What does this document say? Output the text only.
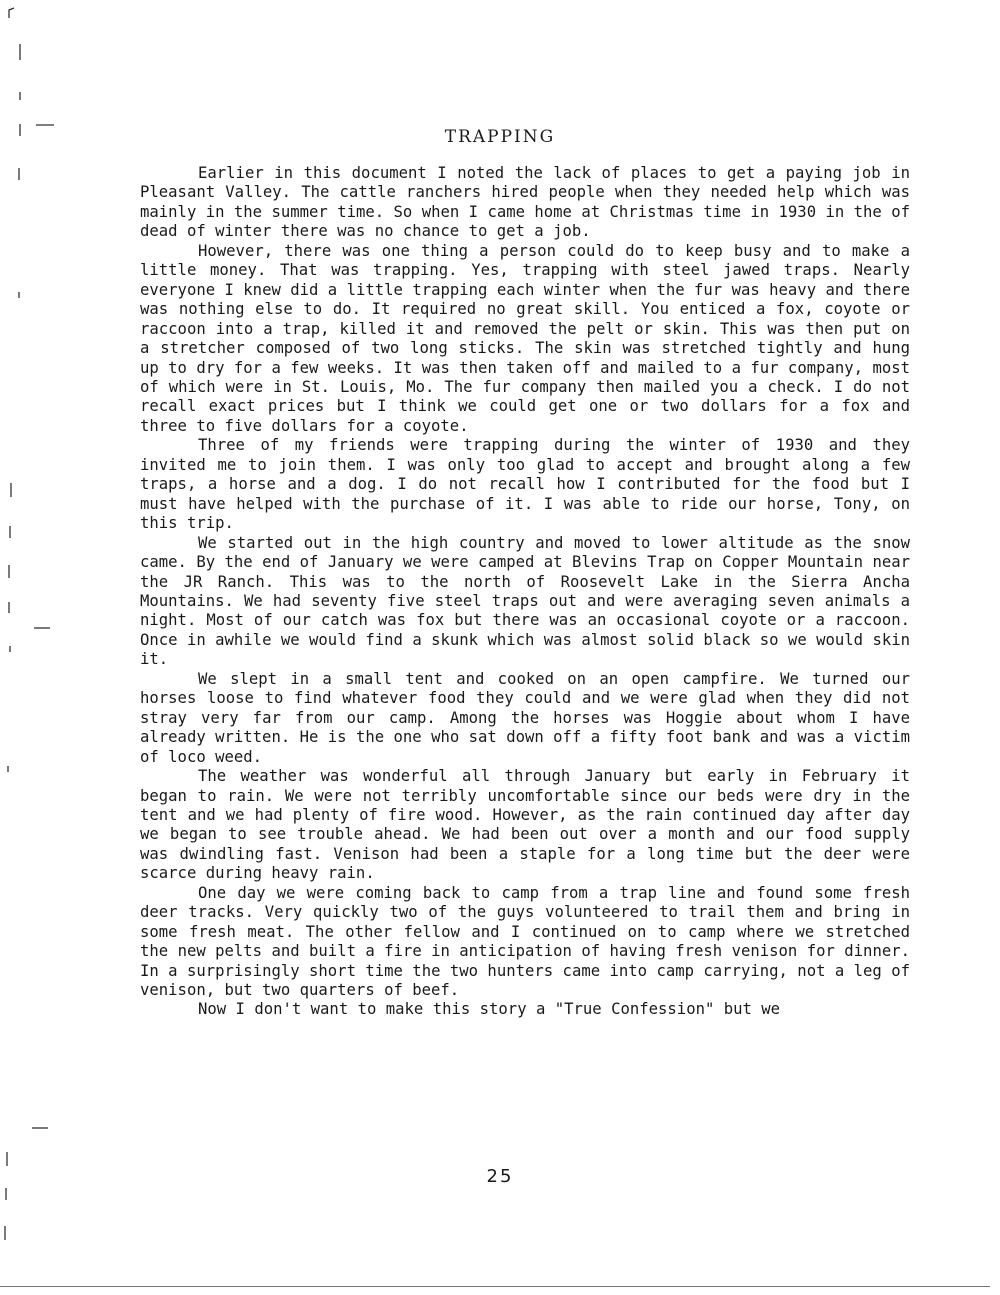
TRAPPING

Earlier in this document I noted the lack of places to get a paying job in Pleasant Valley. The cattle ranchers hired people when they needed help which was mainly in the summer time. So when I came home at Christmas time in 1930 in the of dead of winter there was no chance to get a job.

However, there was one thing a person could do to keep busy and to make a little money. That was trapping. Yes, trapping with steel jawed traps. Nearly everyone I knew did a little trapping each winter when the fur was heavy and there was nothing else to do. It required no great skill. You enticed a fox, coyote or raccoon into a trap, killed it and removed the pelt or skin. This was then put on a stretcher composed of two long sticks. The skin was stretched tightly and hung up to dry for a few weeks. It was then taken off and mailed to a fur company, most of which were in St. Louis, Mo. The fur company then mailed you a check. I do not recall exact prices but I think we could get one or two dollars for a fox and three to five dollars for a coyote.

Three of my friends were trapping during the winter of 1930 and they invited me to join them. I was only too glad to accept and brought along a few traps, a horse and a dog. I do not recall how I contributed for the food but I must have helped with the purchase of it. I was able to ride our horse, Tony, on this trip.

We started out in the high country and moved to lower altitude as the snow came. By the end of January we were camped at Blevins Trap on Copper Mountain near the JR Ranch. This was to the north of Roosevelt Lake in the Sierra Ancha Mountains. We had seventy five steel traps out and were averaging seven animals a night. Most of our catch was fox but there was an occasional coyote or a raccoon. Once in awhile we would find a skunk which was almost solid black so we would skin it.

We slept in a small tent and cooked on an open campfire. We turned our horses loose to find whatever food they could and we were glad when they did not stray very far from our camp. Among the horses was Hoggie about whom I have already written. He is the one who sat down off a fifty foot bank and was a victim of loco weed.

The weather was wonderful all through January but early in February it began to rain. We were not terribly uncomfortable since our beds were dry in the tent and we had plenty of fire wood. However, as the rain continued day after day we began to see trouble ahead. We had been out over a month and our food supply was dwindling fast. Venison had been a staple for a long time but the deer were scarce during heavy rain.

One day we were coming back to camp from a trap line and found some fresh deer tracks. Very quickly two of the guys volunteered to trail them and bring in some fresh meat. The other fellow and I continued on to camp where we stretched the new pelts and built a fire in anticipation of having fresh venison for dinner. In a surprisingly short time the two hunters came into camp carrying, not a leg of venison, but two quarters of beef.

Now I don't want to make this story a "True Confession" but we

25
